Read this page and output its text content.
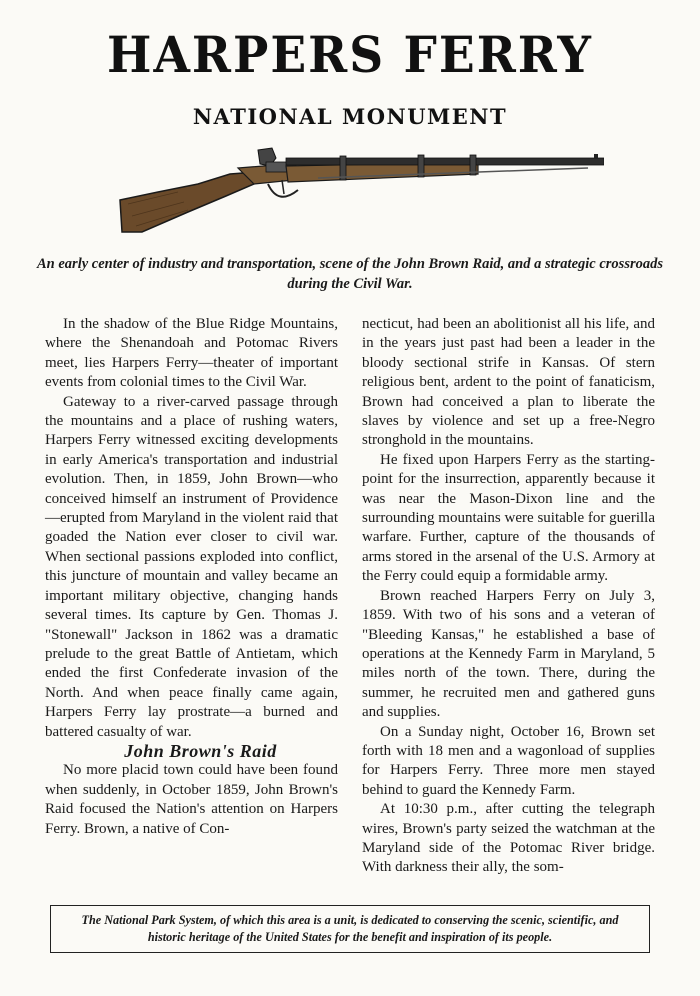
HARPERS FERRY
NATIONAL MONUMENT

An early center of industry and transportation, scene of the John Brown Raid, and a strategic crossroads during the Civil War.

In the shadow of the Blue Ridge Mountains, where the Shenandoah and Potomac Rivers meet, lies Harpers Ferry—theater of important events from colonial times to the Civil War.

Gateway to a river-carved passage through the mountains and a place of rushing waters, Harpers Ferry witnessed exciting developments in early America's transportation and industrial evolution. Then, in 1859, John Brown—who conceived himself an instrument of Providence—erupted from Maryland in the violent raid that goaded the Nation ever closer to civil war. When sectional passions exploded into conflict, this juncture of mountain and valley became an important military objective, changing hands several times. Its capture by Gen. Thomas J. "Stonewall" Jackson in 1862 was a dramatic prelude to the great Battle of Antietam, which ended the first Confederate invasion of the North. And when peace finally came again, Harpers Ferry lay prostrate—a burned and battered casualty of war.

John Brown's Raid

No more placid town could have been found when suddenly, in October 1859, John Brown's Raid focused the Nation's attention on Harpers Ferry. Brown, a native of Con-

necticut, had been an abolitionist all his life, and in the years just past had been a leader in the bloody sectional strife in Kansas. Of stern religious bent, ardent to the point of fanaticism, Brown had conceived a plan to liberate the slaves by violence and set up a free-Negro stronghold in the mountains.

He fixed upon Harpers Ferry as the starting-point for the insurrection, apparently because it was near the Mason-Dixon line and the surrounding mountains were suitable for guerilla warfare. Further, capture of the thousands of arms stored in the arsenal of the U.S. Armory at the Ferry could equip a formidable army.

Brown reached Harpers Ferry on July 3, 1859. With two of his sons and a veteran of "Bleeding Kansas," he established a base of operations at the Kennedy Farm in Maryland, 5 miles north of the town. There, during the summer, he recruited men and gathered guns and supplies.

On a Sunday night, October 16, Brown set forth with 18 men and a wagonload of supplies for Harpers Ferry. Three more men stayed behind to guard the Kennedy Farm.

At 10:30 p.m., after cutting the telegraph wires, Brown's party seized the watchman at the Maryland side of the Potomac River bridge. With darkness their ally, the som-

The National Park System, of which this area is a unit, is dedicated to conserving the scenic, scientific, and historic heritage of the United States for the benefit and inspiration of its people.
